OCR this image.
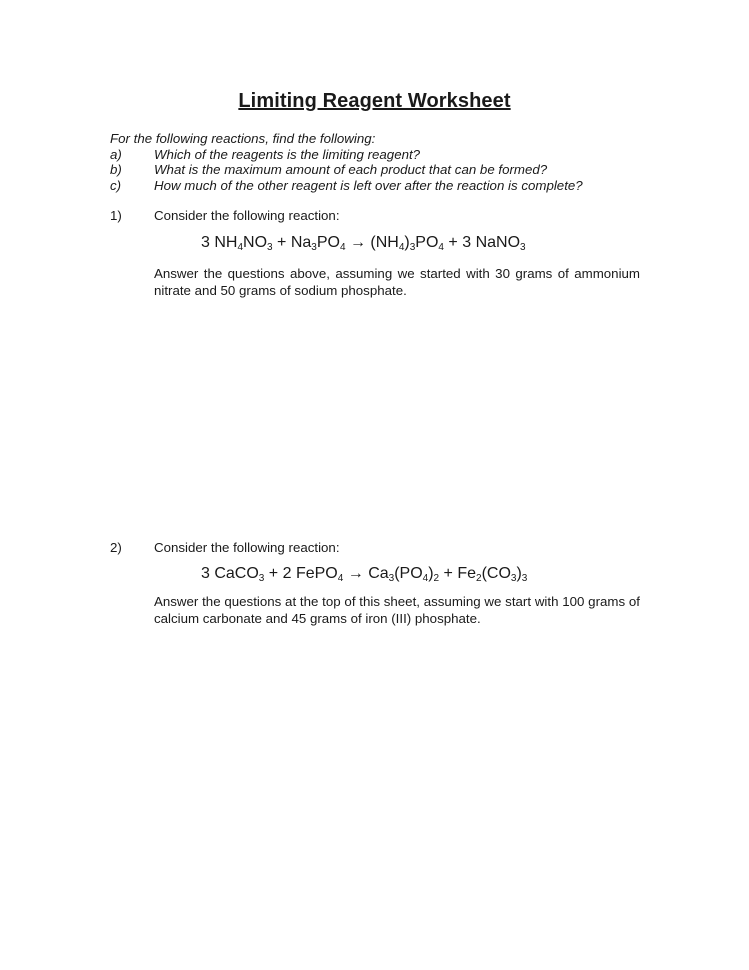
Limiting Reagent Worksheet
For the following reactions, find the following:
a)	Which of the reagents is the limiting reagent?
b)	What is the maximum amount of each product that can be formed?
c)	How much of the other reagent is left over after the reaction is complete?
1)	Consider the following reaction:
3 $NH_4NO_3 + Na_3PO_4 \to (NH_4)_3PO_4 + 3$ NaNO$_3$
Answer the questions above, assuming we started with 30 grams of ammonium nitrate and 50 grams of sodium phosphate.
2)	Consider the following reaction:
3 CaCO$_3$ + 2 FePO$_4$ → $Ca_3(PO_4)_2 + Fe_2(CO_3)_3$
Answer the questions at the top of this sheet, assuming we start with 100 grams of calcium carbonate and 45 grams of iron (III) phosphate.
